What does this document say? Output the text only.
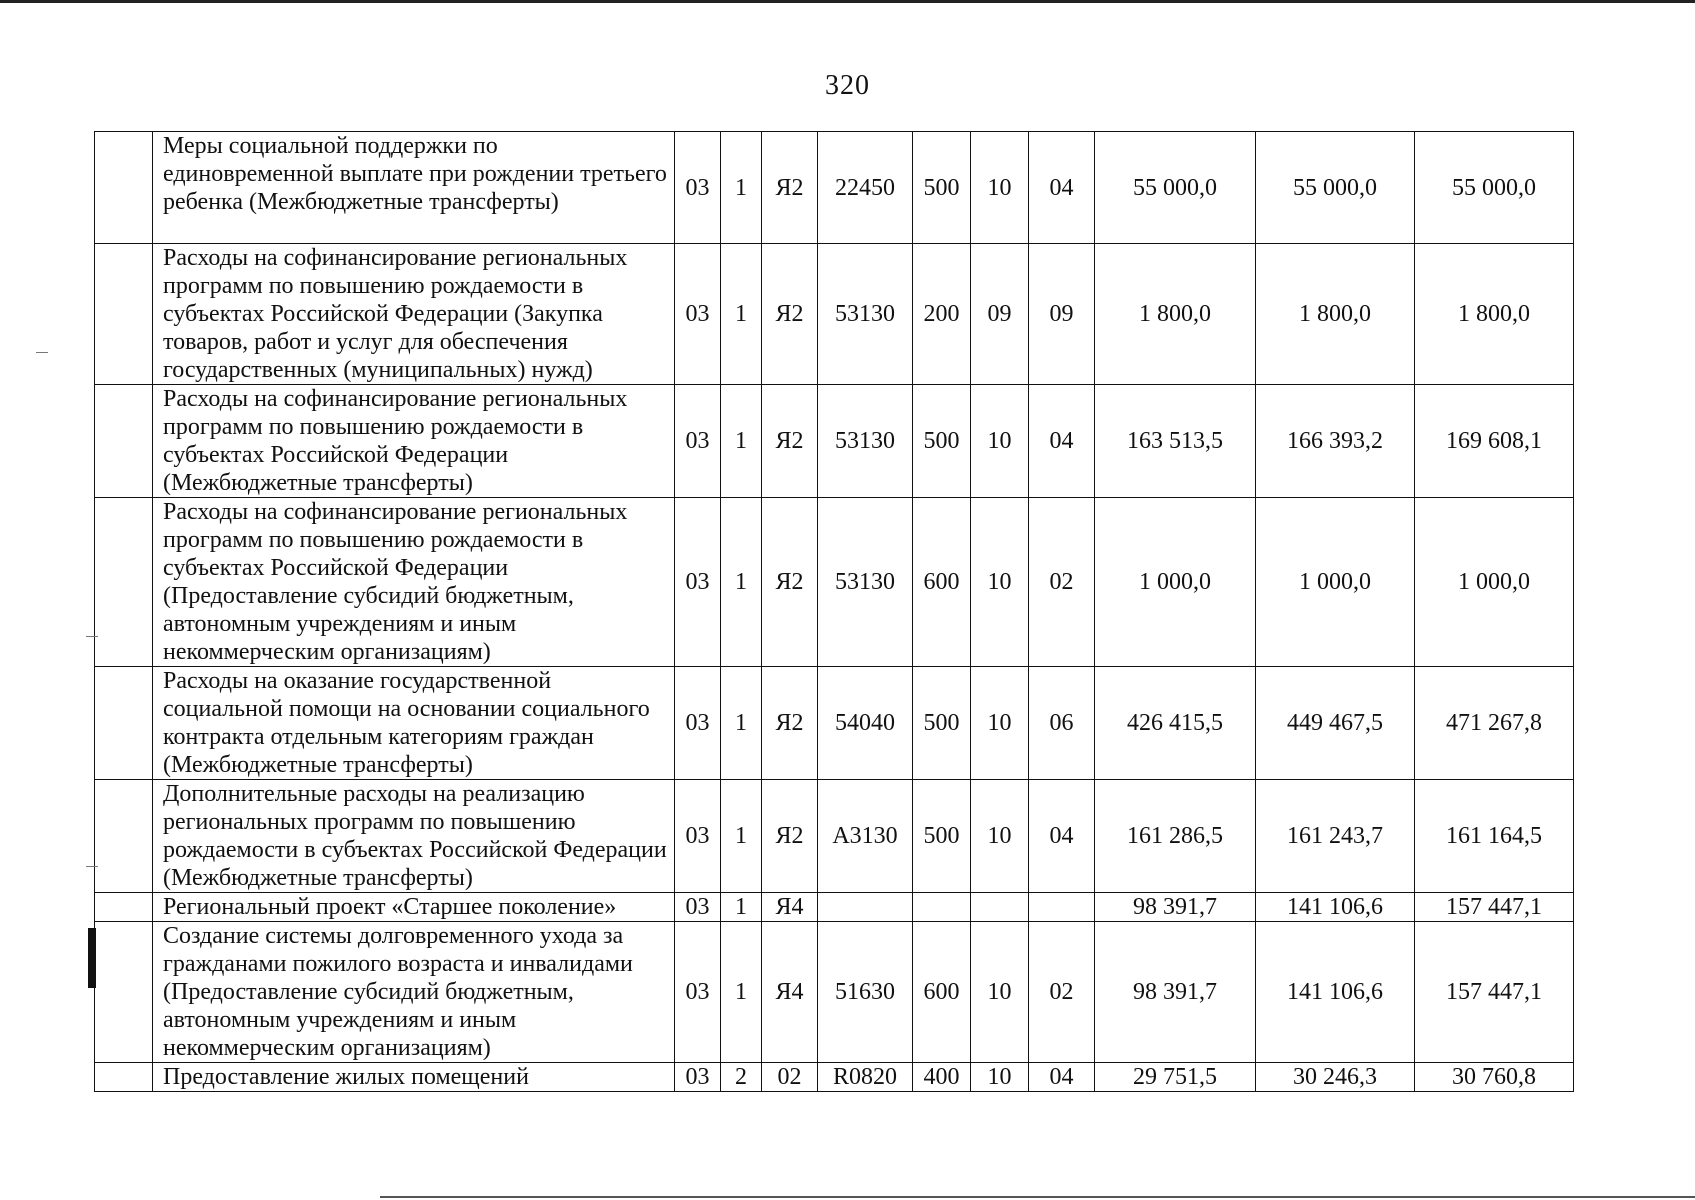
320
	Меры социальной поддержки по единовременной выплате при рождении третьего ребенка (Межбюджетные трансферты)	03	1	Я2	22450	500	10	04	55 000,0	55 000,0	55 000,0
	Расходы на софинансирование региональных программ по повышению рождаемости в субъектах Российской Федерации (Закупка товаров, работ и услуг для обеспечения государственных (муниципальных) нужд)	03	1	Я2	53130	200	09	09	1 800,0	1 800,0	1 800,0
	Расходы на софинансирование региональных программ по повышению рождаемости в субъектах Российской Федерации (Межбюджетные трансферты)	03	1	Я2	53130	500	10	04	163 513,5	166 393,2	169 608,1
	Расходы на софинансирование региональных программ по повышению рождаемости в субъектах Российской Федерации (Предоставление субсидий бюджетным, автономным учреждениям и иным некоммерческим организациям)	03	1	Я2	53130	600	10	02	1 000,0	1 000,0	1 000,0
	Расходы на оказание государственной социальной помощи на основании социального контракта отдельным категориям граждан (Межбюджетные трансферты)	03	1	Я2	54040	500	10	06	426 415,5	449 467,5	471 267,8
	Дополнительные расходы на реализацию региональных программ по повышению рождаемости в субъектах Российской Федерации (Межбюджетные трансферты)	03	1	Я2	А3130	500	10	04	161 286,5	161 243,7	161 164,5
	Региональный проект «Старшее поколение»	03	1	Я4					98 391,7	141 106,6	157 447,1
	Создание системы долговременного ухода за гражданами пожилого возраста и инвалидами (Предоставление субсидий бюджетным, автономным учреждениям и иным некоммерческим организациям)	03	1	Я4	51630	600	10	02	98 391,7	141 106,6	157 447,1
	Предоставление жилых помещений	03	2	02	R0820	400	10	04	29 751,5	30 246,3	30 760,8
